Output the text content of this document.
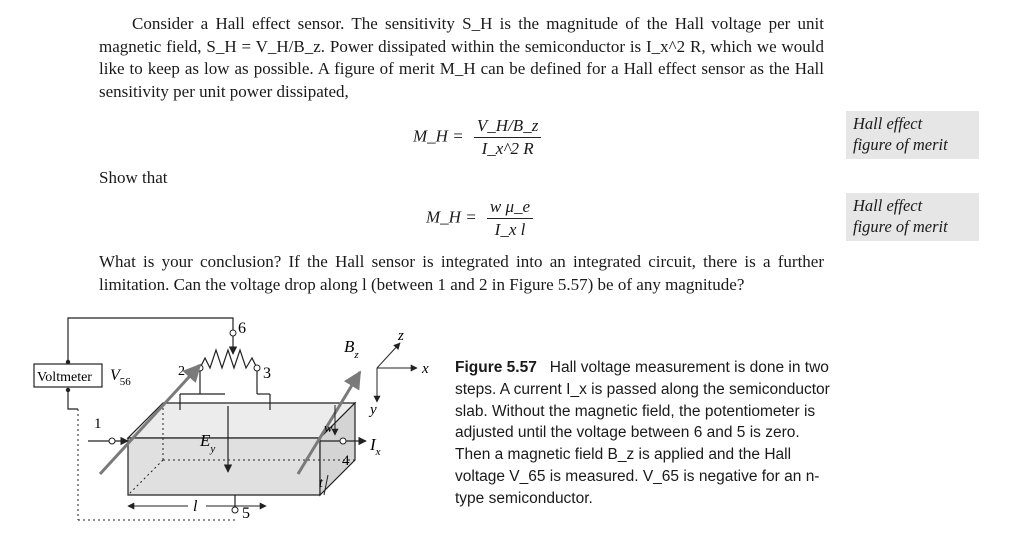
Consider a Hall effect sensor. The sensitivity S_H is the magnitude of the Hall voltage per unit magnetic field, S_H = V_H/B_z. Power dissipated within the semiconductor is I_x^2 R, which we would like to keep as low as possible. A figure of merit M_H can be defined for a Hall effect sensor as the Hall sensitivity per unit power dissipated,

M_H = $\frac{V\_H/B\_z}{I\_x\^{}2 R}$
Show that
M_H = $\frac{\text{w μ\_e}}{\text{I\_x l}}$
Hall effect
figure of merit
Hall effect
figure of merit

What is your conclusion? If the Hall sensor is integrated into an integrated circuit, there is a further limitation. Can the voltage drop along l (between 1 and 2 in Figure 5.57) be of any magnitude?

Voltmeter $V_{56}$
6
2	3
$B_z$
x
z
y
1
4
$I_x$
$E_y$
5
w
t
l

Figure 5.57 Hall voltage measurement is done in two steps. A current I_x is passed along the semiconductor slab. Without the magnetic field, the potentiometer is adjusted until the voltage between 6 and 5 is zero. Then a magnetic field B_z is applied and the Hall voltage V_65 is measured. V_65 is negative for an n-type semiconductor.
